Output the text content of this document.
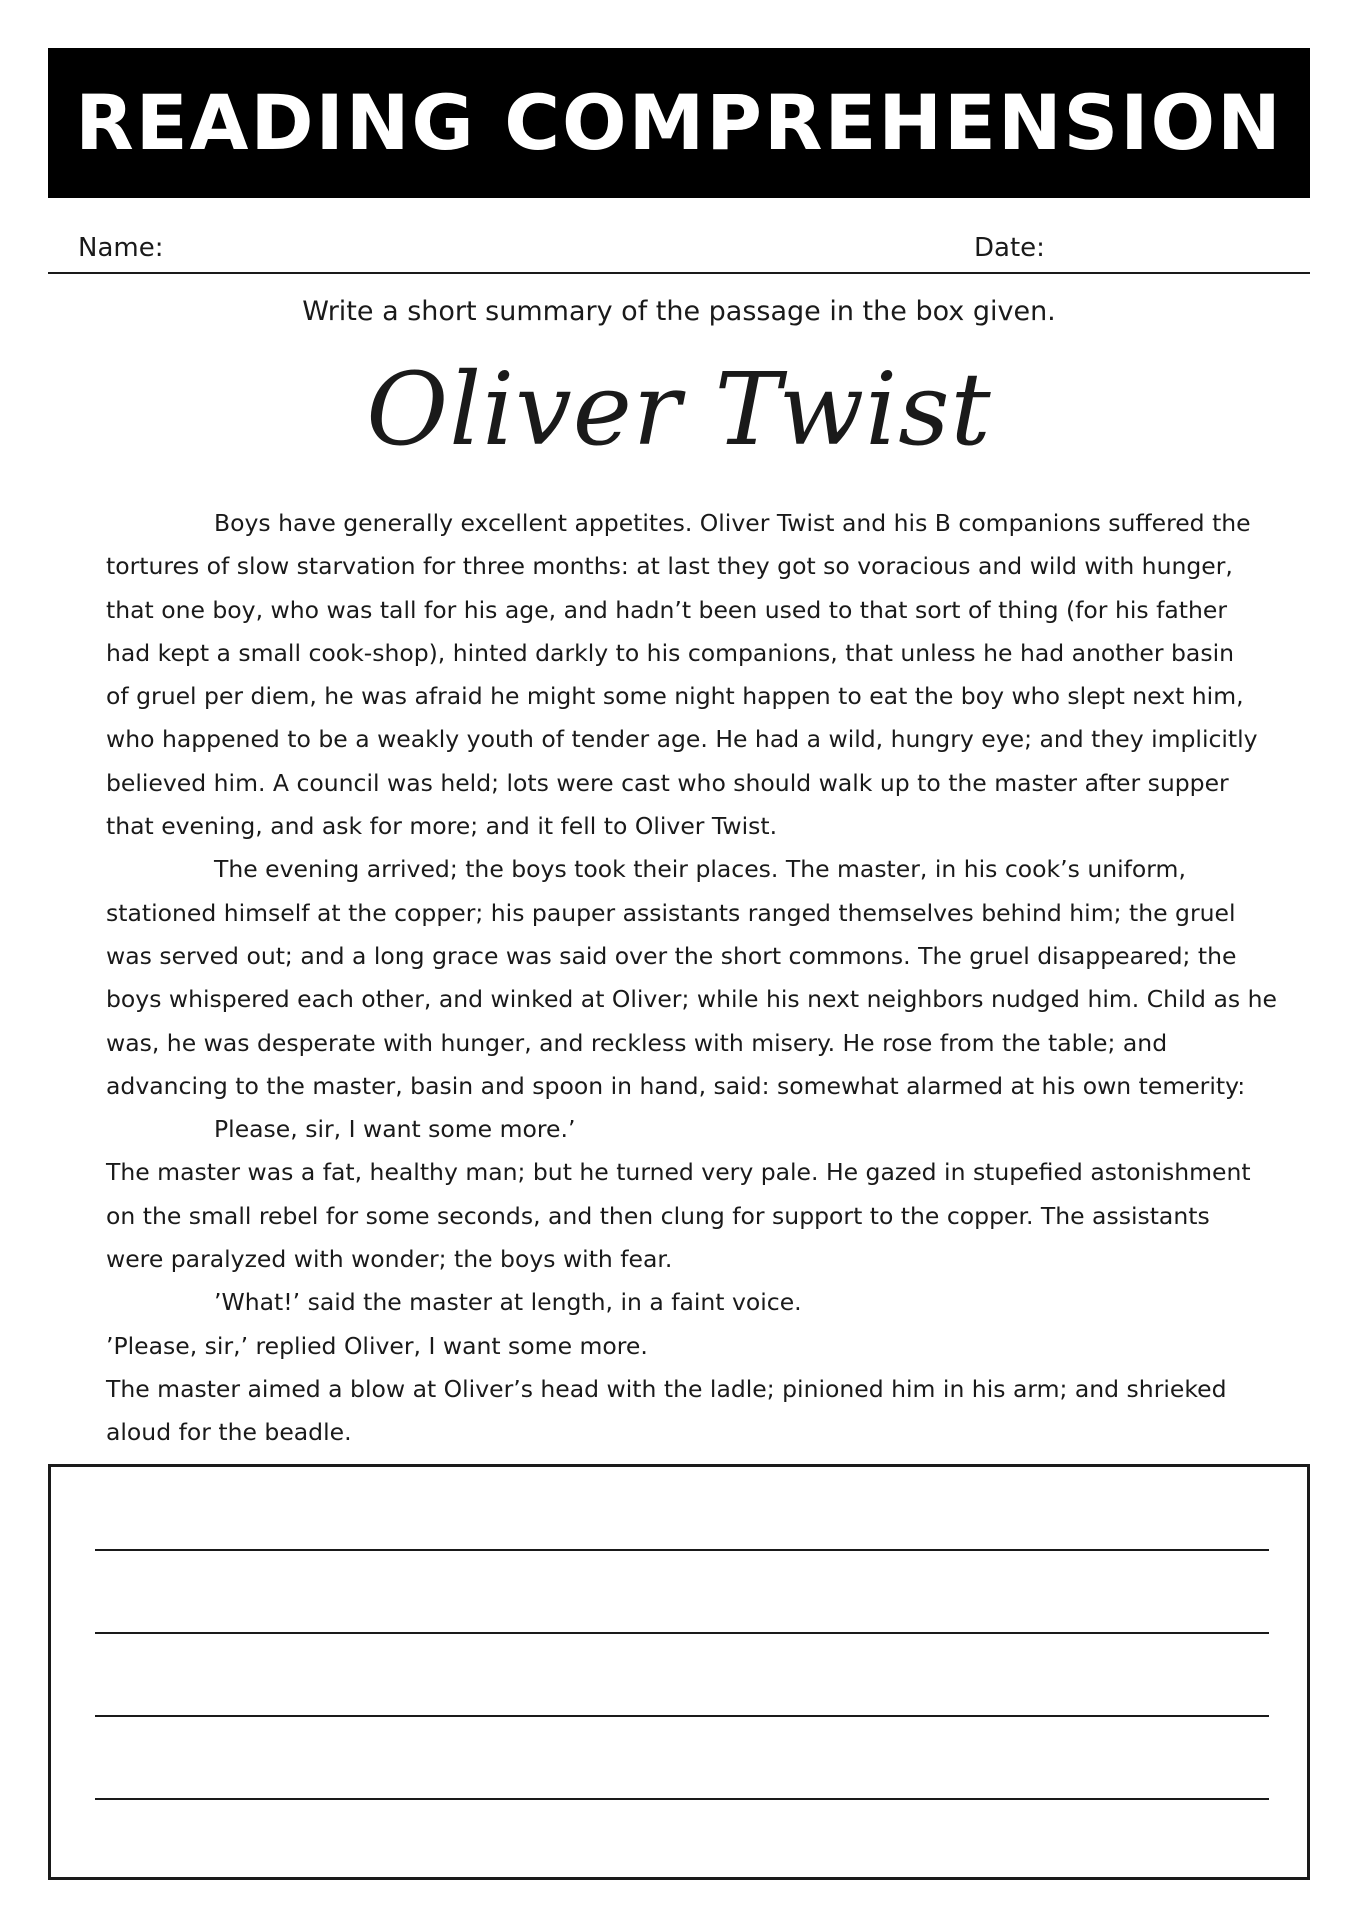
READING COMPREHENSION
Name:	Date:
Write a short summary of the passage in the box given.
Oliver Twist

Boys have generally excellent appetites. Oliver Twist and his B companions suffered the

tortures of slow starvation for three months: at last they got so voracious and wild with hunger,

that one boy, who was tall for his age, and hadn’t been used to that sort of thing (for his father

had kept a small cook-shop), hinted darkly to his companions, that unless he had another basin

of gruel per diem, he was afraid he might some night happen to eat the boy who slept next him,

who happened to be a weakly youth of tender age. He had a wild, hungry eye; and they implicitly

believed him. A council was held; lots were cast who should walk up to the master after supper

that evening, and ask for more; and it fell to Oliver Twist.

The evening arrived; the boys took their places. The master, in his cook’s uniform,

stationed himself at the copper; his pauper assistants ranged themselves behind him; the gruel

was served out; and a long grace was said over the short commons. The gruel disappeared; the

boys whispered each other, and winked at Oliver; while his next neighbors nudged him. Child as he

was, he was desperate with hunger, and reckless with misery. He rose from the table; and

advancing to the master, basin and spoon in hand, said: somewhat alarmed at his own temerity:

Please, sir, I want some more.’

The master was a fat, healthy man; but he turned very pale. He gazed in stupefied astonishment

on the small rebel for some seconds, and then clung for support to the copper. The assistants

were paralyzed with wonder; the boys with fear.

’What!’ said the master at length, in a faint voice.

’Please, sir,’ replied Oliver, I want some more.

The master aimed a blow at Oliver’s head with the ladle; pinioned him in his arm; and shrieked

aloud for the beadle.
